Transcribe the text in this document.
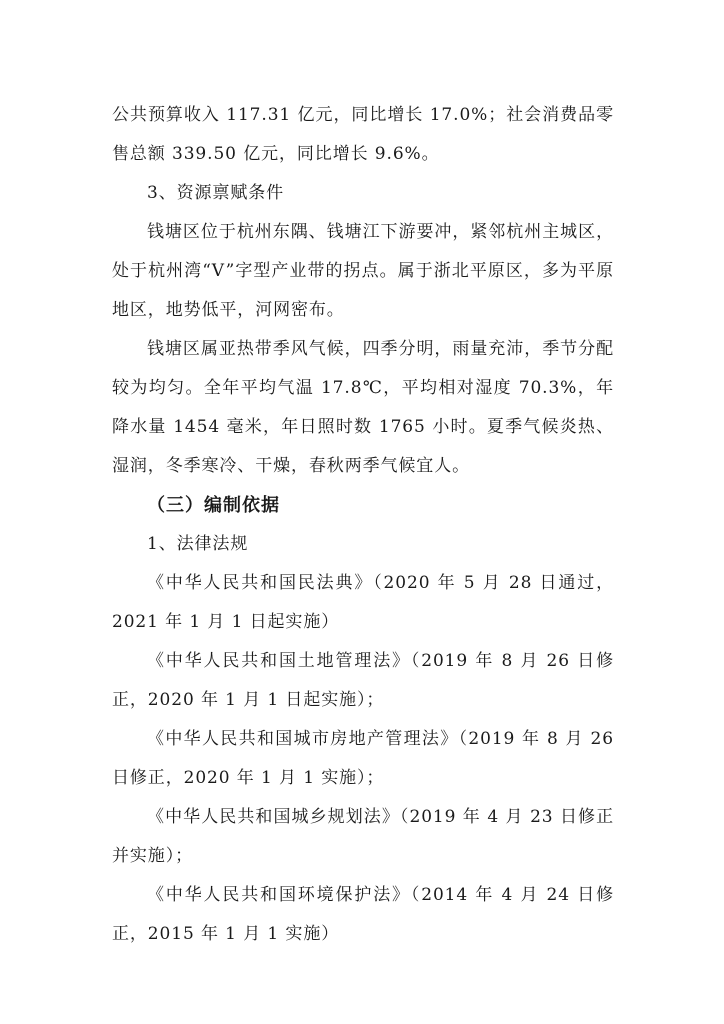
公共预算收入 117.31 亿元，同比增长 17.0%；社会消费品零售总额 339.50 亿元，同比增长 9.6%。

3、资源禀赋条件

钱塘区位于杭州东隅、钱塘江下游要冲，紧邻杭州主城区，处于杭州湾“V”字型产业带的拐点。属于浙北平原区，多为平原地区，地势低平，河网密布。

钱塘区属亚热带季风气候，四季分明，雨量充沛，季节分配较为均匀。全年平均气温 17.8℃，平均相对湿度 70.3%，年降水量 1454 毫米，年日照时数 1765 小时。夏季气候炎热、湿润，冬季寒冷、干燥，春秋两季气候宜人。

（三）编制依据

1、法律法规

《中华人民共和国民法典》（2020 年 5 月 28 日通过，2021 年 1 月 1 日起实施）

《中华人民共和国土地管理法》（2019 年 8 月 26 日修正，2020 年 1 月 1 日起实施）；

《中华人民共和国城市房地产管理法》（2019 年 8 月 26 日修正，2020 年 1 月 1 实施）；

《中华人民共和国城乡规划法》（2019 年 4 月 23 日修正并实施）；

《中华人民共和国环境保护法》（2014 年 4 月 24 日修正，2015 年 1 月 1 实施）
